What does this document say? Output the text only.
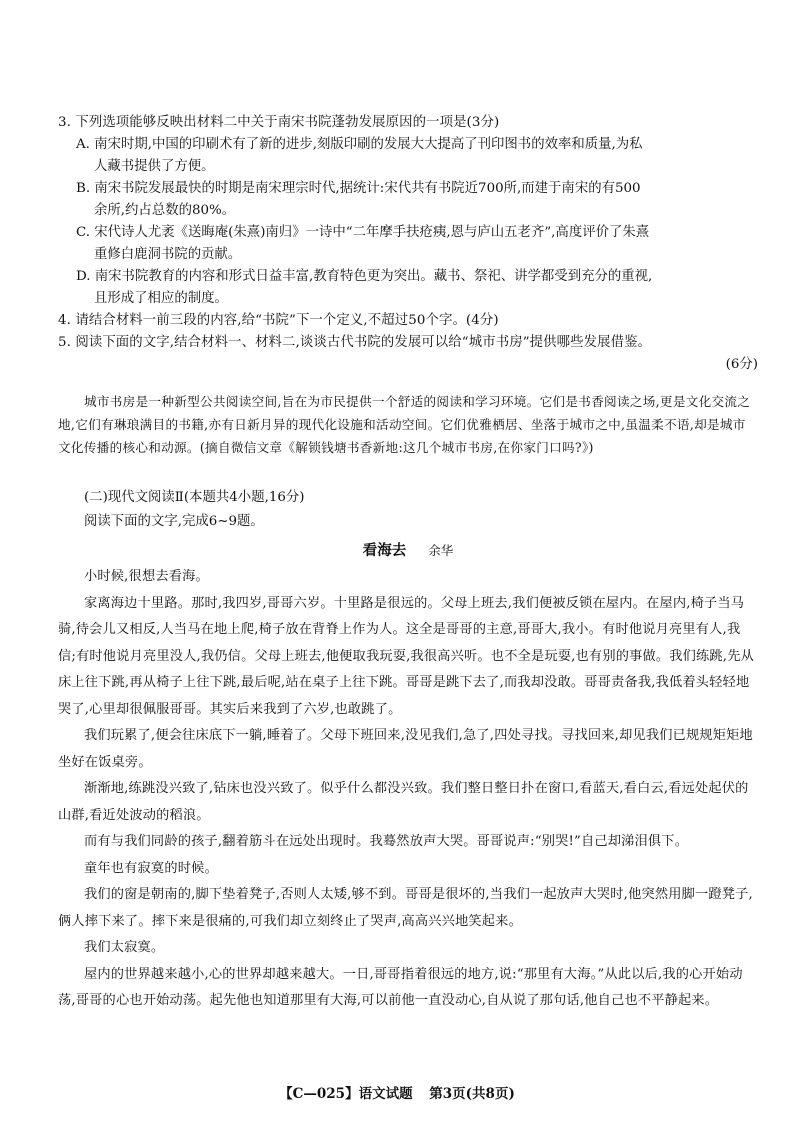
3. 下列选项能够反映出材料二中关于南宋书院蓬勃发展原因的一项是(3分)

A. 南宋时期,中国的印刷术有了新的进步,刻版印刷的发展大大提高了刊印图书的效率和质量,为私
人藏书提供了方便。

B. 南宋书院发展最快的时期是南宋理宗时代,据统计:宋代共有书院近700所,而建于南宋的有500
余所,约占总数的80%。

C. 宋代诗人尤袤《送晦庵(朱熹)南归》一诗中“二年摩手扶疮痍,恩与庐山五老齐”,高度评价了朱熹
重修白鹿洞书院的贡献。

D. 南宋书院教育的内容和形式日益丰富,教育特色更为突出。藏书、祭祀、讲学都受到充分的重视,
且形成了相应的制度。

4. 请结合材料一前三段的内容,给“书院”下一个定义,不超过50个字。(4分)

5. 阅读下面的文字,结合材料一、材料二,谈谈古代书院的发展可以给“城市书房”提供哪些发展借鉴。

(6分)

城市书房是一种新型公共阅读空间,旨在为市民提供一个舒适的阅读和学习环境。它们是书香阅读之场,更是文化交流之地,它们有琳琅满目的书籍,亦有日新月异的现代化设施和活动空间。它们优雅栖居、坐落于城市之中,虽温柔不语,却是城市文化传播的核心和动源。(摘自微信文章《解锁钱塘书香新地:这几个城市书房,在你家门口吗?》)

(二)现代文阅读Ⅱ(本题共4小题,16分)

阅读下面的文字,完成6~9题。

看海去 余华

小时候,很想去看海。

家离海边十里路。那时,我四岁,哥哥六岁。十里路是很远的。父母上班去,我们便被反锁在屋内。在屋内,椅子当马骑,待会儿又相反,人当马在地上爬,椅子放在背脊上作为人。这全是哥哥的主意,哥哥大,我小。有时他说月亮里有人,我信;有时他说月亮里没人,我仍信。父母上班去,他便取我玩耍,我很高兴听。也不全是玩耍,也有别的事做。我们练跳,先从床上往下跳,再从椅子上往下跳,最后呢,站在桌子上往下跳。哥哥是跳下去了,而我却没敢。哥哥责备我,我低着头轻轻地哭了,心里却很佩服哥哥。其实后来我到了六岁,也敢跳了。

我们玩累了,便会往床底下一躺,睡着了。父母下班回来,没见我们,急了,四处寻找。寻找回来,却见我们已规规矩矩地坐好在饭桌旁。

渐渐地,练跳没兴致了,钻床也没兴致了。似乎什么都没兴致。我们整日整日扑在窗口,看蓝天,看白云,看远处起伏的山群,看近处波动的稻浪。

而有与我们同龄的孩子,翻着筋斗在远处出现时。我蓦然放声大哭。哥哥说声:“别哭!”自己却涕泪俱下。

童年也有寂寞的时候。

我们的窗是朝南的,脚下垫着凳子,否则人太矮,够不到。哥哥是很坏的,当我们一起放声大哭时,他突然用脚一蹬凳子,俩人摔下来了。摔下来是很痛的,可我们却立刻终止了哭声,高高兴兴地笑起来。

我们太寂寞。

屋内的世界越来越小,心的世界却越来越大。一日,哥哥指着很远的地方,说:“那里有大海。”从此以后,我的心开始动荡,哥哥的心也开始动荡。起先他也知道那里有大海,可以前他一直没动心,自从说了那句话,他自己也不平静起来。

【C—025】语文试题 第3页(共8页)
